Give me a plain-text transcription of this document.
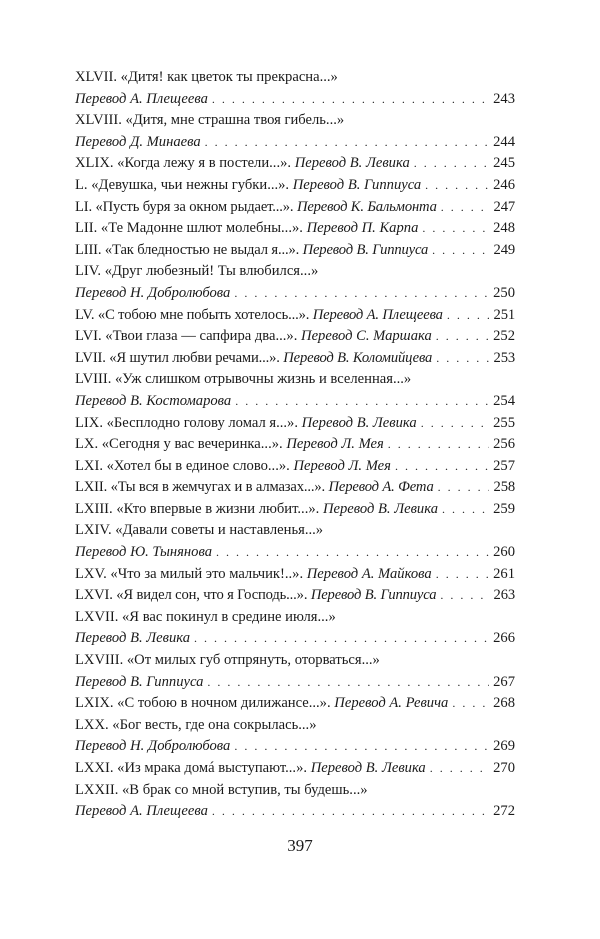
XLVII. «Дитя! как цветок ты прекрасна...»
Перевод А. Плещеева . . .	243
XLVIII. «Дитя, мне страшна твоя гибель...»
Перевод Д. Минаева . . .	244
XLIX. «Когда лежу я в постели...».
Перевод В. Левика . . .	245
L. «Девушка, чьи нежны губки...».
Перевод В. Гиппиуса . . .	246
LI. «Пусть буря за окном рыдает...».
Перевод К. Бальмонта . . .	247
LII. «Те Мадонне шлют молебны...».
Перевод П. Карпа . . .	248
LIII. «Так бледностью не выдал я...».
Перевод В. Гиппиуса . . .	249
LIV. «Друг любезный! Ты влюбился...»
Перевод Н. Добролюбова . . .	250
LV. «С тобою мне побыть хотелось...».
Перевод А. Плещеева . . .	251
LVI. «Твои глаза — сапфира два...».
Перевод С. Маршака . . .	252
LVII. «Я шутил любви речами...».
Перевод В. Коломийцева . . .	253
LVIII. «Уж слишком отрывочны жизнь и вселенная...»
Перевод В. Костомарова . . .	254
LIX. «Бесплодно голову ломал я...».
Перевод В. Левика . . .	255
LX. «Сегодня у вас вечеринка...».
Перевод Л. Мея . . .	256
LXI. «Хотел бы в единое слово...».
Перевод Л. Мея . . .	257
LXII. «Ты вся в жемчугах и в алмазах...».
Перевод А. Фета . . .	258
LXIII. «Кто впервые в жизни любит...».
Перевод В. Левика . . .	259
LXIV. «Давали советы и наставленья...»
Перевод Ю. Тынянова . . .	260
LXV. «Что за милый это мальчик!..».
Перевод А. Майкова . . .	261
LXVI. «Я видел сон, что я Господь...».
Перевод В. Гиппиуса . . .	263
LXVII. «Я вас покинул в средине июля...»
Перевод В. Левика . . .	266
LXVIII. «От милых губ отпрянуть, оторваться...»
Перевод В. Гиппиуса . . .	267
LXIX. «С тобою в ночном дилижансе...».
Перевод А. Ревича . . .	268
LXX. «Бог весть, где она сокрылась...»
Перевод Н. Добролюбова . . .	269
LXXI. «Из мрака домá выступают...».
Перевод В. Левика . . .	270
LXXII. «В брак со мной вступив, ты будешь...»
Перевод А. Плещеева . . .	272
397
